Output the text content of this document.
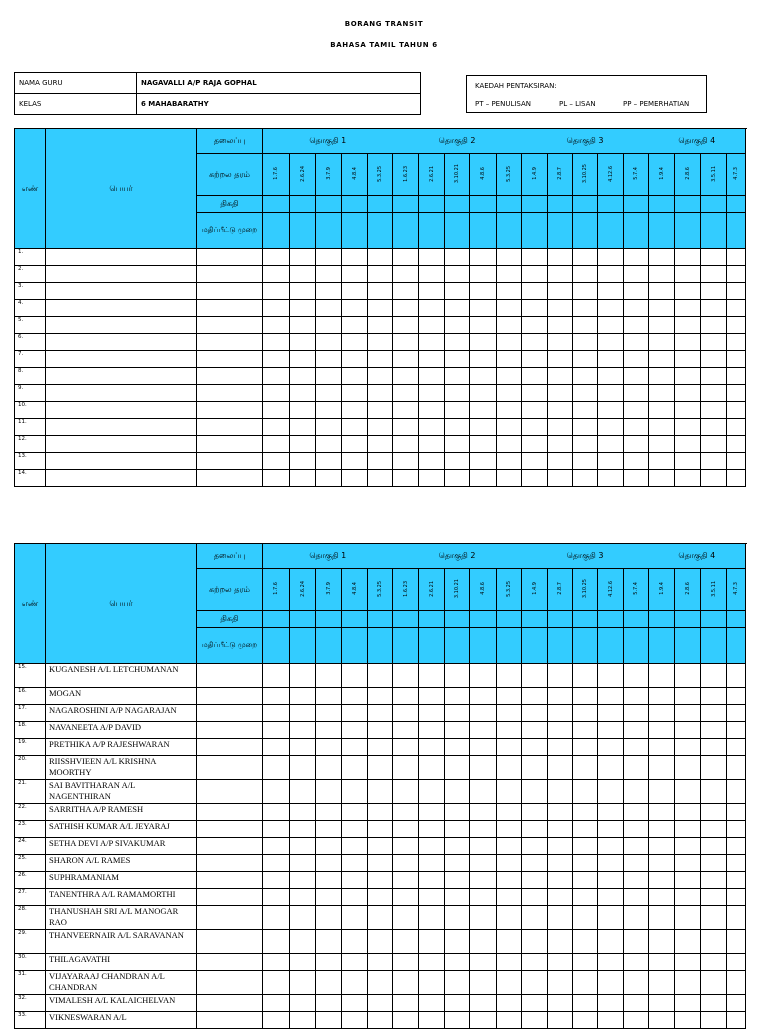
BORANG TRANSIT
BAHASA TAMIL TAHUN 6
NAMA GURU	NAGAVALLI A/P RAJA GOPHAL
KELAS	6 MAHABARATHY
KAEDAH PENTAKSIRAN:
PT – PENULISAN	PL – LISAN	PP – PEMERHATIAN
எண்	பெயர்	தலைப்பு	தொகுதி 1					தொகுதி 2					தொகுதி 3					தொகுதி 4				
		கற்றல தரம்	1.7.6	2.6.24	3.7.9	4.8.4	5.3.25	1.6.23	2.6.21	3.10.21	4.8.6	5.3.25	1.4.9	2.8.7	3.10.25	4.12.6	5.7.4	1.9.4	2.8.6	3.5.11	4.7.3	
		திகதி																				
		மதிப்பீட்டு முறை																				
1.																						
2.																						
3.																						
4.																						
5.																						
6.																						
7.																						
8.																						
9.																						
10.																						
11.																						
12.																						
13.																						
14.																						
எண்	பெயர்	தலைப்பு	தொகுதி 1					தொகுதி 2					தொகுதி 3					தொகுதி 4				
		கற்றல தரம்	1.7.6	2.6.24	3.7.9	4.8.4	5.3.25	1.6.23	2.6.21	3.10.21	4.8.6	5.3.25	1.4.9	2.8.7	3.10.25	4.12.6	5.7.4	1.9.4	2.8.6	3.5.11	4.7.3	
		திகதி																				
		மதிப்பீட்டு முறை																				
15.	KUGANESH A/L LETCHUMANAN																					
16.	MOGAN																					
17.	NAGAROSHINI A/P NAGARAJAN																					
18.	NAVANEETA A/P DAVID																					
19.	PRETHIKA A/P RAJESHWARAN																					
20.	RIISSHVIEEN A/L KRISHNA MOORTHY																					
21.	SAI BAVITHARAN A/L NAGENTHIRAN																					
22.	SARRITHA A/P RAMESH																					
23.	SATHISH KUMAR A/L JEYARAJ																					
24.	SETHA DEVI A/P SIVAKUMAR																					
25.	SHARON A/L RAMES																					
26.	SUPHRAMANIAM																					
27.	TANENTHRA A/L RAMAMORTHI																					
28.	THANUSHAH SRI A/L MANOGAR RAO																					
29.	THANVEERNAIR A/L SARAVANAN																					
30.	THILAGAVATHI																					
31.	VIJAYARAAJ CHANDRAN A/L CHANDRAN																					
32.	VIMALESH A/L KALAICHELVAN																					
33.	VIKNESWARAN A/L																					
